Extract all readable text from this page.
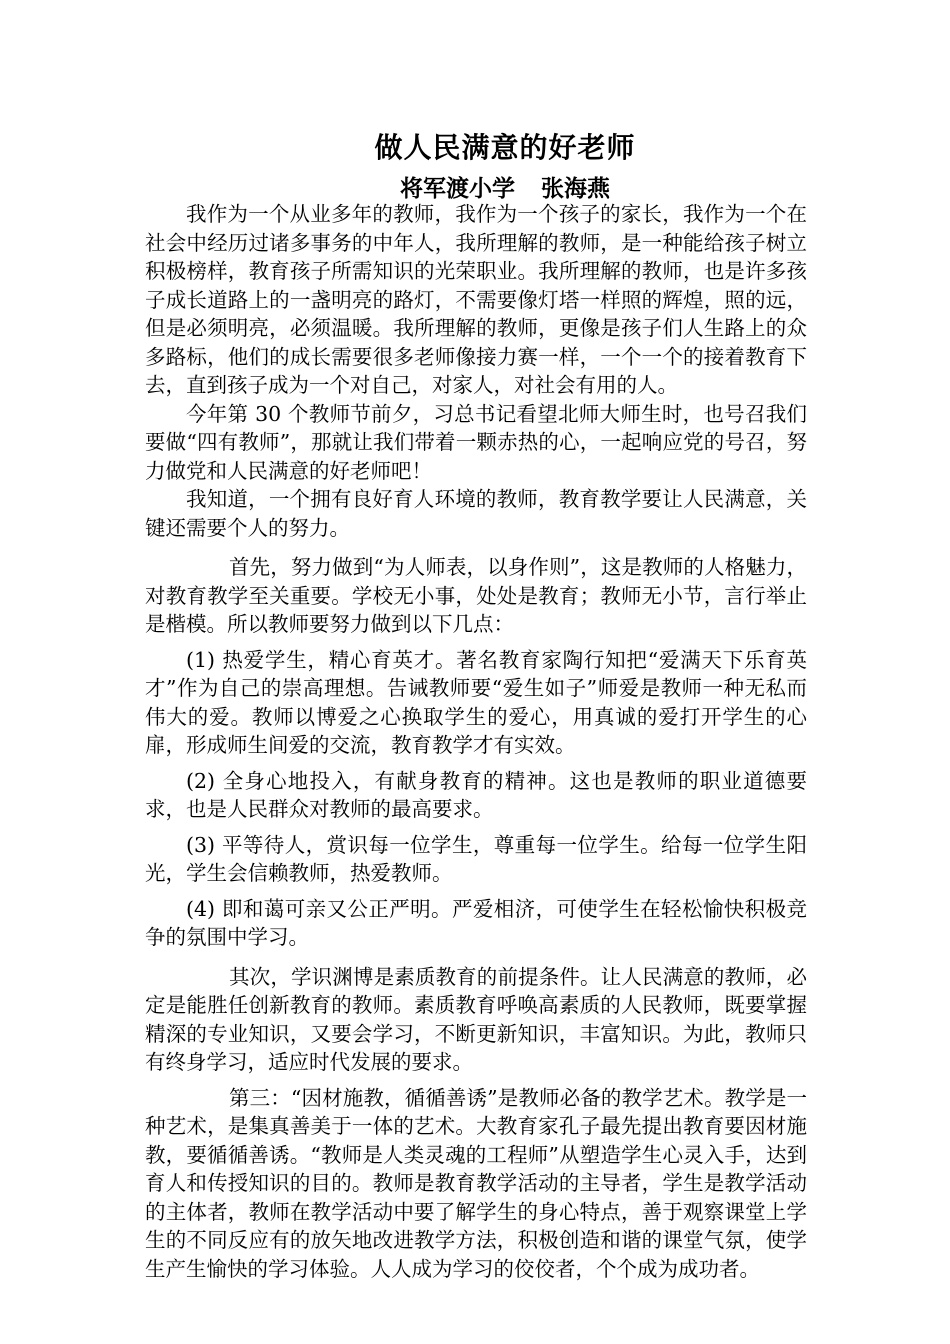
做人民满意的好老师
将军渡小学 张海燕

我作为一个从业多年的教师，我作为一个孩子的家长，我作为一个在社会中经历过诸多事务的中年人，我所理解的教师，是一种能给孩子树立积极榜样，教育孩子所需知识的光荣职业。我所理解的教师，也是许多孩子成长道路上的一盏明亮的路灯，不需要像灯塔一样照的辉煌，照的远，但是必须明亮，必须温暖。我所理解的教师，更像是孩子们人生路上的众多路标，他们的成长需要很多老师像接力赛一样，一个一个的接着教育下去，直到孩子成为一个对自己，对家人，对社会有用的人。

今年第 30 个教师节前夕，习总书记看望北师大师生时，也号召我们要做“四有教师”，那就让我们带着一颗赤热的心，一起响应党的号召，努力做党和人民满意的好老师吧！

我知道，一个拥有良好育人环境的教师，教育教学要让人民满意，关键还需要个人的努力。

首先，努力做到“为人师表，以身作则”，这是教师的人格魅力，对教育教学至关重要。学校无小事，处处是教育；教师无小节，言行举止是楷模。所以教师要努力做到以下几点：

(1) 热爱学生，精心育英才。著名教育家陶行知把“爱满天下乐育英才”作为自己的崇高理想。告诫教师要“爱生如子”师爱是教师一种无私而伟大的爱。教师以博爱之心换取学生的爱心，用真诚的爱打开学生的心扉，形成师生间爱的交流，教育教学才有实效。

(2) 全身心地投入，有献身教育的精神。这也是教师的职业道德要求，也是人民群众对教师的最高要求。

(3) 平等待人，赏识每一位学生，尊重每一位学生。给每一位学生阳光，学生会信赖教师，热爱教师。

(4) 即和蔼可亲又公正严明。严爱相济，可使学生在轻松愉快积极竞争的氛围中学习。

其次，学识渊博是素质教育的前提条件。让人民满意的教师，必定是能胜任创新教育的教师。素质教育呼唤高素质的人民教师，既要掌握精深的专业知识，又要会学习，不断更新知识，丰富知识。为此，教师只有终身学习，适应时代发展的要求。

第三：“因材施教，循循善诱”是教师必备的教学艺术。教学是一种艺术，是集真善美于一体的艺术。大教育家孔子最先提出教育要因材施教，要循循善诱。“教师是人类灵魂的工程师”从塑造学生心灵入手，达到育人和传授知识的目的。教师是教育教学活动的主导者，学生是教学活动的主体者，教师在教学活动中要了解学生的身心特点，善于观察课堂上学生的不同反应有的放矢地改进教学方法，积极创造和谐的课堂气氛，使学生产生愉快的学习体验。人人成为学习的佼佼者，个个成为成功者。
